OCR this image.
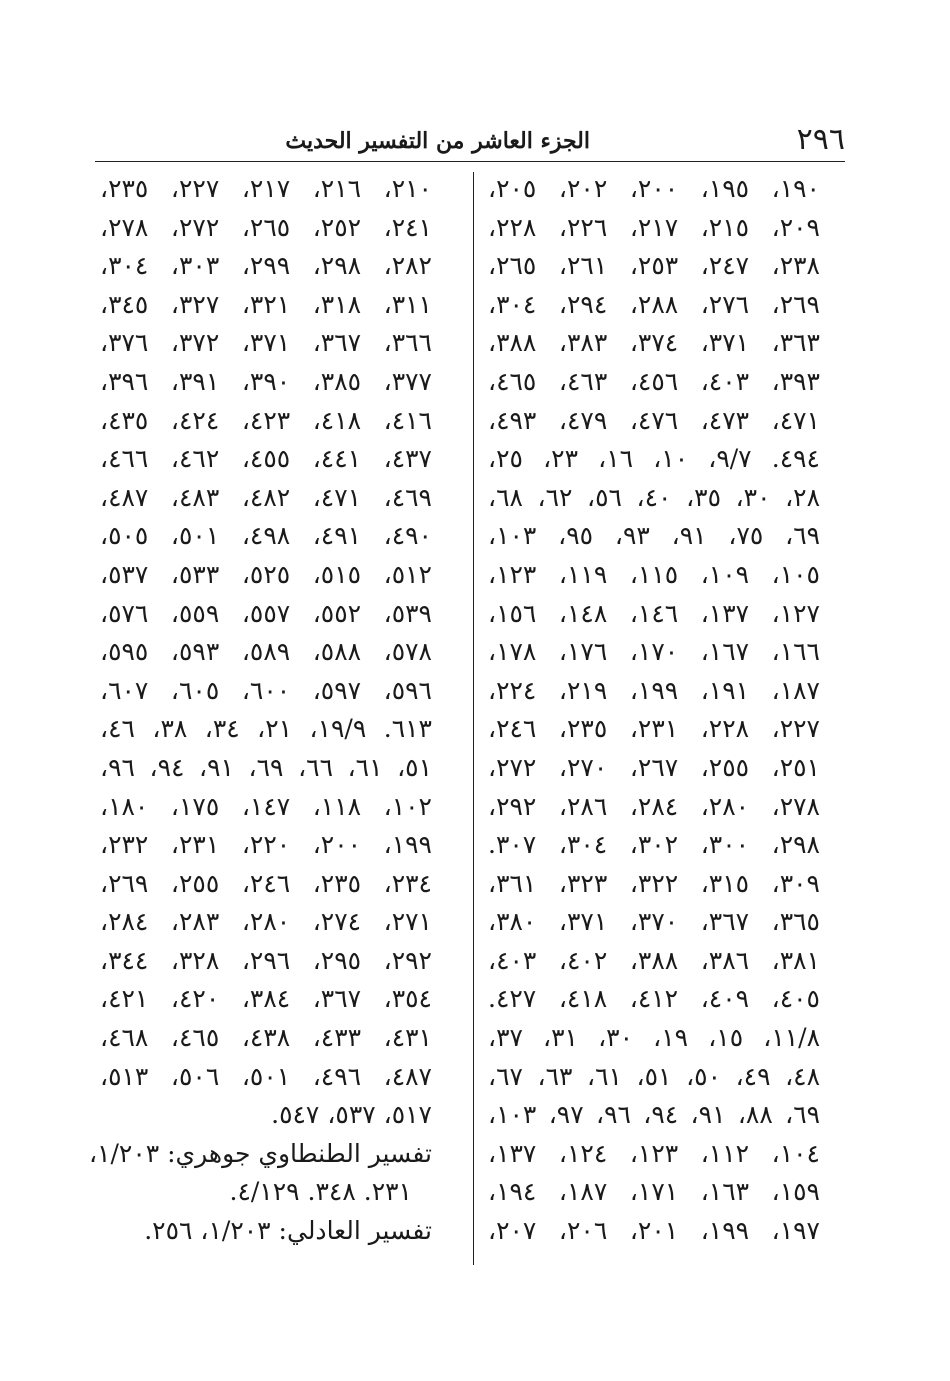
٢٩٦
الجزء العاشر من التفسير الحديث
١٩٠، ١٩٥، ٢٠٠، ٢٠٢، ٢٠٥،
٢٠٩، ٢١٥، ٢١٧، ٢٢٦، ٢٢٨،
٢٣٨، ٢٤٧، ٢٥٣، ٢٦١، ٢٦٥،
٢٦٩، ٢٧٦، ٢٨٨، ٢٩٤، ٣٠٤،
٣٦٣، ٣٧١، ٣٧٤، ٣٨٣، ٣٨٨،
٣٩٣، ٤٠٣، ٤٥٦، ٤٦٣، ٤٦٥،
٤٧١، ٤٧٣، ٤٧٦، ٤٧٩، ٤٩٣،
٤٩٤. ٩/٧، ١٠، ١٦، ٢٣، ٢٥،
٢٨، ٣٠، ٣٥، ٤٠، ٥٦، ٦٢، ٦٨،
٦٩، ٧٥، ٩١، ٩٣، ٩٥، ١٠٣،
١٠٥، ١٠٩، ١١٥، ١١٩، ١٢٣،
١٢٧، ١٣٧، ١٤٦، ١٤٨، ١٥٦،
١٦٦، ١٦٧، ١٧٠، ١٧٦، ١٧٨،
١٨٧، ١٩١، ١٩٩، ٢١٩، ٢٢٤،
٢٢٧، ٢٢٨، ٢٣١، ٢٣٥، ٢٤٦،
٢٥١، ٢٥٥، ٢٦٧، ٢٧٠، ٢٧٢،
٢٧٨، ٢٨٠، ٢٨٤، ٢٨٦، ٢٩٢،
٢٩٨، ٣٠٠، ٣٠٢، ٣٠٤، ٣٠٧.
٣٠٩، ٣١٥، ٣٢٢، ٣٢٣، ٣٦١،
٣٦٥، ٣٦٧، ٣٧٠، ٣٧١، ٣٨٠،
٣٨١، ٣٨٦، ٣٨٨، ٤٠٢، ٤٠٣،
٤٠٥، ٤٠٩، ٤١٢، ٤١٨، ٤٢٧.
١١/٨، ١٥، ١٩، ٣٠، ٣١، ٣٧،
٤٨، ٤٩، ٥٠، ٥١، ٦١، ٦٣، ٦٧،
٦٩، ٨٨، ٩١، ٩٤، ٩٦، ٩٧، ١٠٣،
١٠٤، ١١٢، ١٢٣، ١٢٤، ١٣٧،
١٥٩، ١٦٣، ١٧١، ١٨٧، ١٩٤،
١٩٧، ١٩٩، ٢٠١، ٢٠٦، ٢٠٧،
٢١٠، ٢١٦، ٢١٧، ٢٢٧، ٢٣٥،
٢٤١، ٢٥٢، ٢٦٥، ٢٧٢، ٢٧٨،
٢٨٢، ٢٩٨، ٢٩٩، ٣٠٣، ٣٠٤،
٣١١، ٣١٨، ٣٢١، ٣٢٧، ٣٤٥،
٣٦٦، ٣٦٧، ٣٧١، ٣٧٢، ٣٧٦،
٣٧٧، ٣٨٥، ٣٩٠، ٣٩١، ٣٩٦،
٤١٦، ٤١٨، ٤٢٣، ٤٢٤، ٤٣٥،
٤٣٧، ٤٤١، ٤٥٥، ٤٦٢، ٤٦٦،
٤٦٩، ٤٧١، ٤٨٢، ٤٨٣، ٤٨٧،
٤٩٠، ٤٩١، ٤٩٨، ٥٠١، ٥٠٥،
٥١٢، ٥١٥، ٥٢٥، ٥٣٣، ٥٣٧،
٥٣٩، ٥٥٢، ٥٥٧، ٥٥٩، ٥٧٦،
٥٧٨، ٥٨٨، ٥٨٩، ٥٩٣، ٥٩٥،
٥٩٦، ٥٩٧، ٦٠٠، ٦٠٥، ٦٠٧،
٦١٣. ١٩/٩، ٢١، ٣٤، ٣٨، ٤٦،
٥١، ٦١، ٦٦، ٦٩، ٩١، ٩٤، ٩٦،
١٠٢، ١١٨، ١٤٧، ١٧٥، ١٨٠،
١٩٩، ٢٠٠، ٢٢٠، ٢٣١، ٢٣٢،
٢٣٤، ٢٣٥، ٢٤٦، ٢٥٥، ٢٦٩،
٢٧١، ٢٧٤، ٢٨٠، ٢٨٣، ٢٨٤،
٢٩٢، ٢٩٥، ٢٩٦، ٣٢٨، ٣٤٤،
٣٥٤، ٣٦٧، ٣٨٤، ٤٢٠، ٤٢١،
٤٣١، ٤٣٣، ٤٣٨، ٤٦٥، ٤٦٨،
٤٨٧، ٤٩٦، ٥٠١، ٥٠٦، ٥١٣،
٥١٧، ٥٣٧، ٥٤٧.
تفسير الطنطاوي جوهري: ١/٢٠٣،
٢٣١. ٣٤٨. ٤/١٢٩.
تفسير العادلي: ١/٢٠٣، ٢٥٦.
